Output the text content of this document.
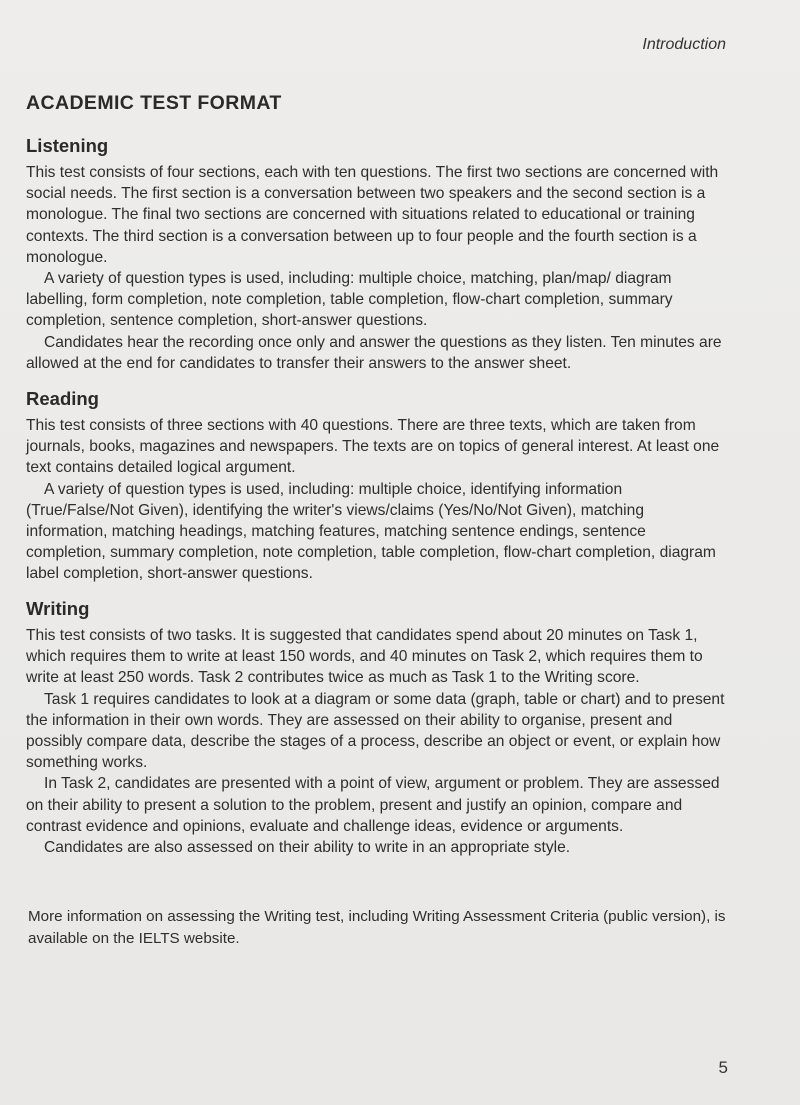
Introduction
ACADEMIC TEST FORMAT
Listening

This test consists of four sections, each with ten questions. The first two sections are concerned with social needs. The first section is a conversation between two speakers and the second section is a monologue. The final two sections are concerned with situations related to educational or training contexts. The third section is a conversation between up to four people and the fourth section is a monologue.

A variety of question types is used, including: multiple choice, matching, plan/map/ diagram labelling, form completion, note completion, table completion, flow-chart completion, summary completion, sentence completion, short-answer questions.

Candidates hear the recording once only and answer the questions as they listen. Ten minutes are allowed at the end for candidates to transfer their answers to the answer sheet.

Reading

This test consists of three sections with 40 questions. There are three texts, which are taken from journals, books, magazines and newspapers. The texts are on topics of general interest. At least one text contains detailed logical argument.

A variety of question types is used, including: multiple choice, identifying information (True/False/Not Given), identifying the writer's views/claims (Yes/No/Not Given), matching information, matching headings, matching features, matching sentence endings, sentence completion, summary completion, note completion, table completion, flow-chart completion, diagram label completion, short-answer questions.

Writing

This test consists of two tasks. It is suggested that candidates spend about 20 minutes on Task 1, which requires them to write at least 150 words, and 40 minutes on Task 2, which requires them to write at least 250 words. Task 2 contributes twice as much as Task 1 to the Writing score.

Task 1 requires candidates to look at a diagram or some data (graph, table or chart) and to present the information in their own words. They are assessed on their ability to organise, present and possibly compare data, describe the stages of a process, describe an object or event, or explain how something works.

In Task 2, candidates are presented with a point of view, argument or problem. They are assessed on their ability to present a solution to the problem, present and justify an opinion, compare and contrast evidence and opinions, evaluate and challenge ideas, evidence or arguments.

Candidates are also assessed on their ability to write in an appropriate style.

More information on assessing the Writing test, including Writing Assessment Criteria (public version), is available on the IELTS website.

5
